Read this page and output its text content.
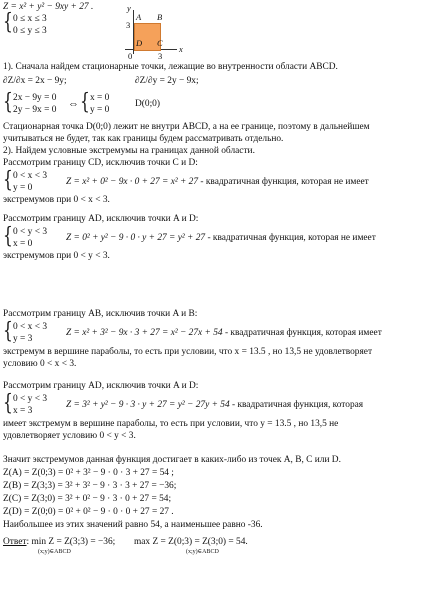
Z = x² + y² − 9xy + 27 .
{ 0 ≤ x ≤ 3
0 ≤ y ≤ 3
y
x
A B
C
D
3
0	3
1). Сначала найдем стационарные точки, лежащие во внутренности области ABCD.
∂Z/∂x = 2x − 9y;	∂Z/∂y = 2y − 9x;
{ 2x − 9y = 0
2y − 9x = 0 ⇔ { x = 0
y = 0
D(0;0)
Стационарная точка D(0;0) лежит не внутри ABCD, а на ее границе, поэтому в дальнейшем
учитываться не будет, так как границы будем рассматривать отдельно.
2). Найдем условные экстремумы на границах данной области.
Рассмотрим границу CD, исключив точки C и D:
{ 0 < x < 3
y = 0
Z = x² + 0² − 9x · 0 + 27 = x² + 27 - квадратичная функция, которая не имеет
экстремумов при 0 < x < 3.
Рассмотрим границу AD, исключив точки A и D:
{ 0 < y < 3
x = 0
Z = 0² + y² − 9 · 0 · y + 27 = y² + 27 - квадратичная функция, которая не имеет
экстремумов при 0 < y < 3.
Рассмотрим границу AB, исключив точки A и B:
{ 0 < x < 3
y = 3
Z = x² + 3² − 9x · 3 + 27 = x² − 27x + 54 - квадратичная функция, которая имеет
экстремум в вершине параболы, то есть при условии, что x = 13.5 , но 13,5 не удовлетворяет
условию 0 < x < 3.
Рассмотрим границу AD, исключив точки A и D:
{ 0 < y < 3
x = 3
Z = 3² + y² − 9 · 3 · y + 27 = y² − 27y + 54 - квадратичная функция, которая
имеет экстремум в вершине параболы, то есть при условии, что y = 13.5 , но 13,5 не
удовлетворяет условию 0 < y < 3.
Значит экстремумов данная функция достигает в каких-либо из точек A, B, C или D.
Z(A) = Z(0;3) = 0² + 3² − 9 · 0 · 3 + 27 = 54 ;
Z(B) = Z(3;3) = 3² + 3² − 9 · 3 · 3 + 27 = −36;
Z(C) = Z(3;0) = 3² + 0² − 9 · 3 · 0 + 27 = 54;
Z(D) = Z(0;0) = 0² + 0² − 9 · 0 · 0 + 27 = 27 .
Наибольшее из этих значений равно 54, а наименьшее равно -36.
Ответ: min Z = Z(3;3) = −36; max Z = Z(0;3) = Z(3;0) = 54.
(x;y)∈ABCD	(x;y)∈ABCD
